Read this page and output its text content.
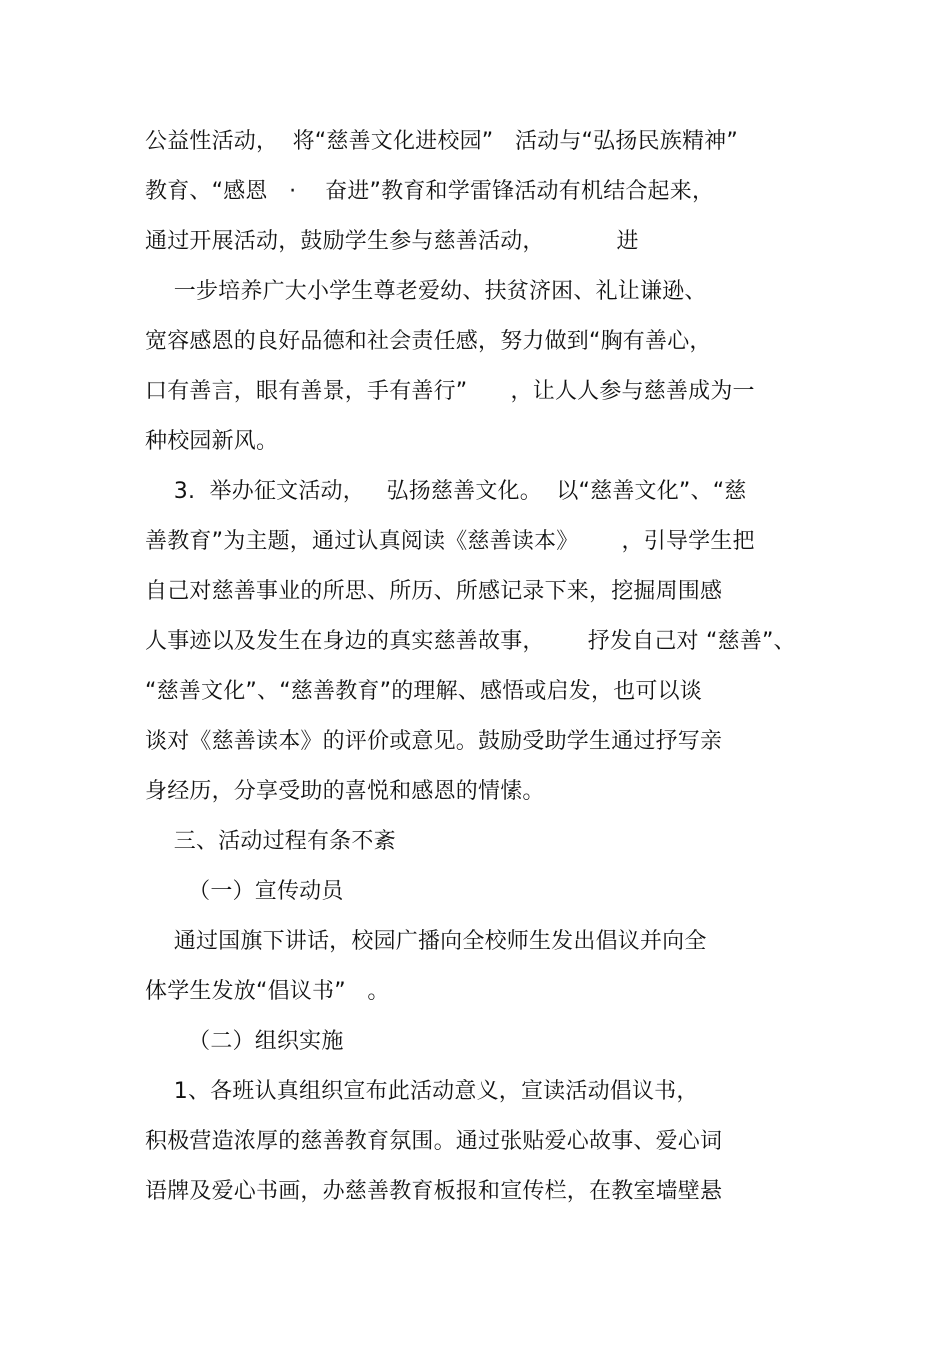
公益性活动，  将“慈善文化进校园”   活动与“弘扬民族精神”
教育、“感恩   ·    奋进”教育和学雷锋活动有机结合起来，
通过开展活动，鼓励学生参与慈善活动，          进
一步培养广大小学生尊老爱幼、扶贫济困、礼让谦逊、
宽容感恩的良好品德和社会责任感，努力做到“胸有善心，
口有善言，眼有善景，手有善行”      ，让人人参与慈善成为一
种校园新风。
3.  举办征文活动，   弘扬慈善文化。  以“慈善文化”、“慈
善教育”为主题，通过认真阅读《慈善读本》      ，引导学生把
自己对慈善事业的所思、所历、所感记录下来，挖掘周围感
人事迹以及发生在身边的真实慈善故事，      抒发自己对 “慈善”、
“慈善文化”、“慈善教育”的理解、感悟或启发，也可以谈
谈对《慈善读本》的评价或意见。鼓励受助学生通过抒写亲
身经历，分享受助的喜悦和感恩的情愫。
三、活动过程有条不紊
（一）宣传动员
通过国旗下讲话，校园广播向全校师生发出倡议并向全
体学生发放“倡议书”   。
（二）组织实施
1、各班认真组织宣布此活动意义，宣读活动倡议书，
积极营造浓厚的慈善教育氛围。通过张贴爱心故事、爱心词
语牌及爱心书画，办慈善教育板报和宣传栏，在教室墙壁悬
